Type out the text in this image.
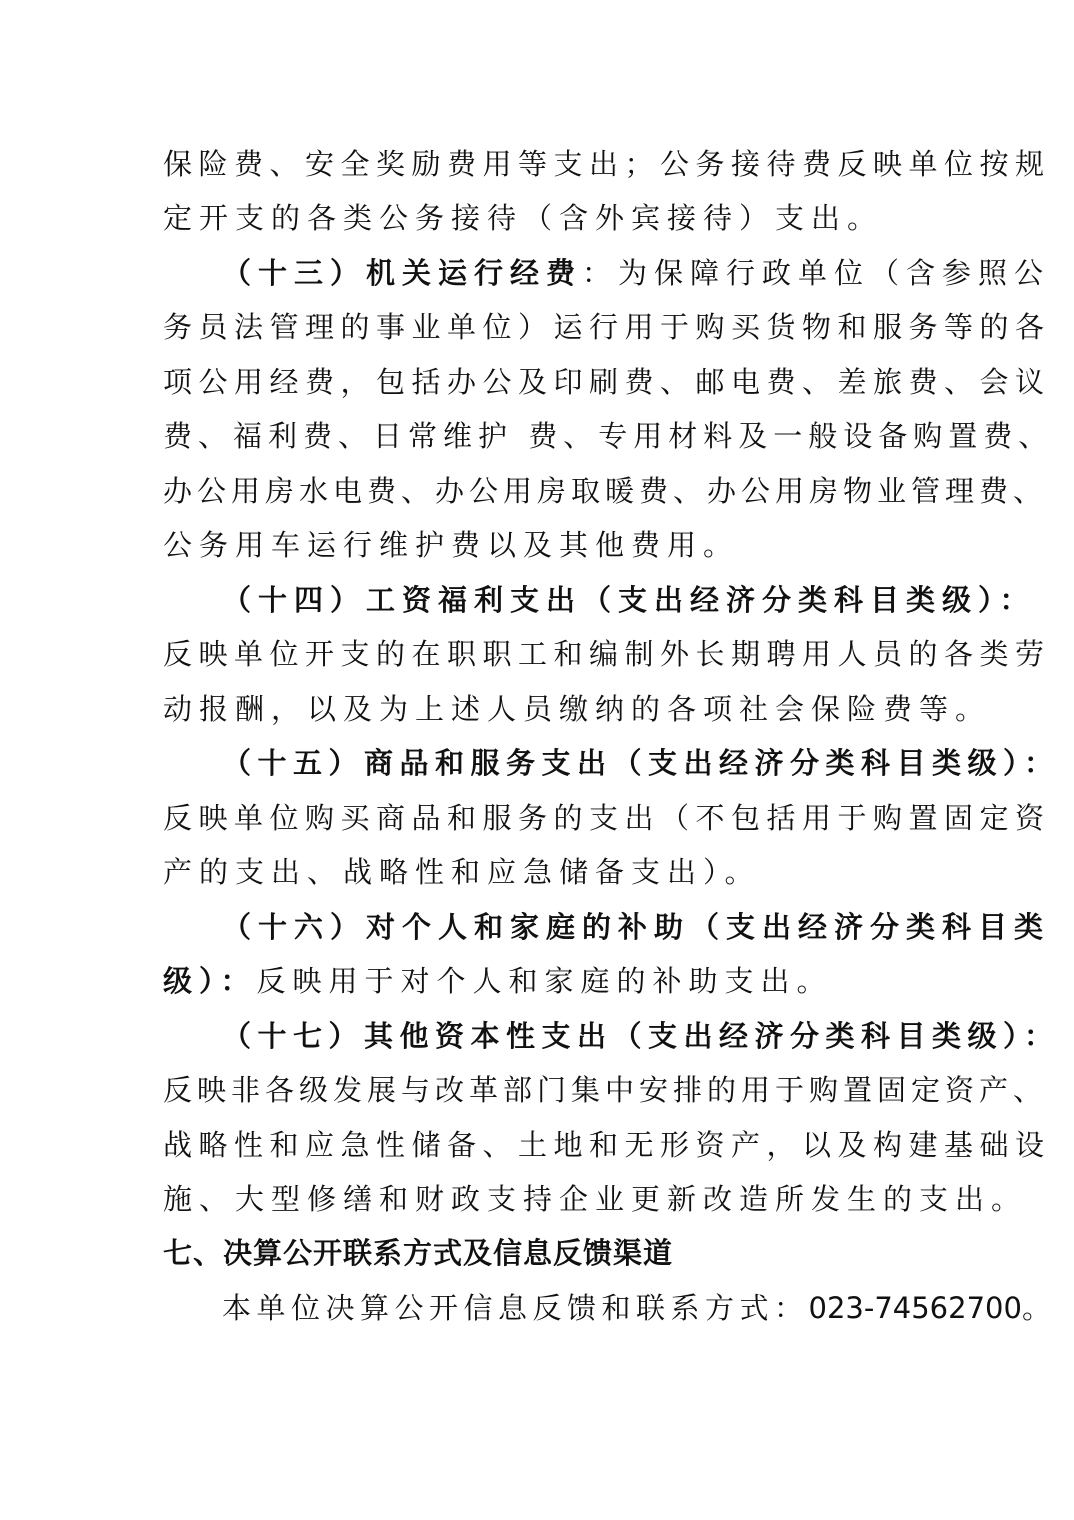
保险费、安全奖励费用等支出；公务接待费反映单位按规
定开支的各类公务接待（含外宾接待）支出。
（十三）机关运行经费：为保障行政单位（含参照公
务员法管理的事业单位）运行用于购买货物和服务等的各
项公用经费，包括办公及印刷费、邮电费、差旅费、会议
费、福利费、日常维护 费、专用材料及一般设备购置费、
办公用房水电费、办公用房取暖费、办公用房物业管理费、
公务用车运行维护费以及其他费用。
（十四）工资福利支出（支出经济分类科目类级）：
反映单位开支的在职职工和编制外长期聘用人员的各类劳
动报酬，以及为上述人员缴纳的各项社会保险费等。
（十五）商品和服务支出（支出经济分类科目类级）：
反映单位购买商品和服务的支出（不包括用于购置固定资
产的支出、战略性和应急储备支出）。
（十六）对个人和家庭的补助（支出经济分类科目类
级）：反映用于对个人和家庭的补助支出。
（十七）其他资本性支出（支出经济分类科目类级）：
反映非各级发展与改革部门集中安排的用于购置固定资产、
战略性和应急性储备、土地和无形资产，以及构建基础设
施、大型修缮和财政支持企业更新改造所发生的支出。
七、决算公开联系方式及信息反馈渠道
本单位决算公开信息反馈和联系方式：023-74562700。
